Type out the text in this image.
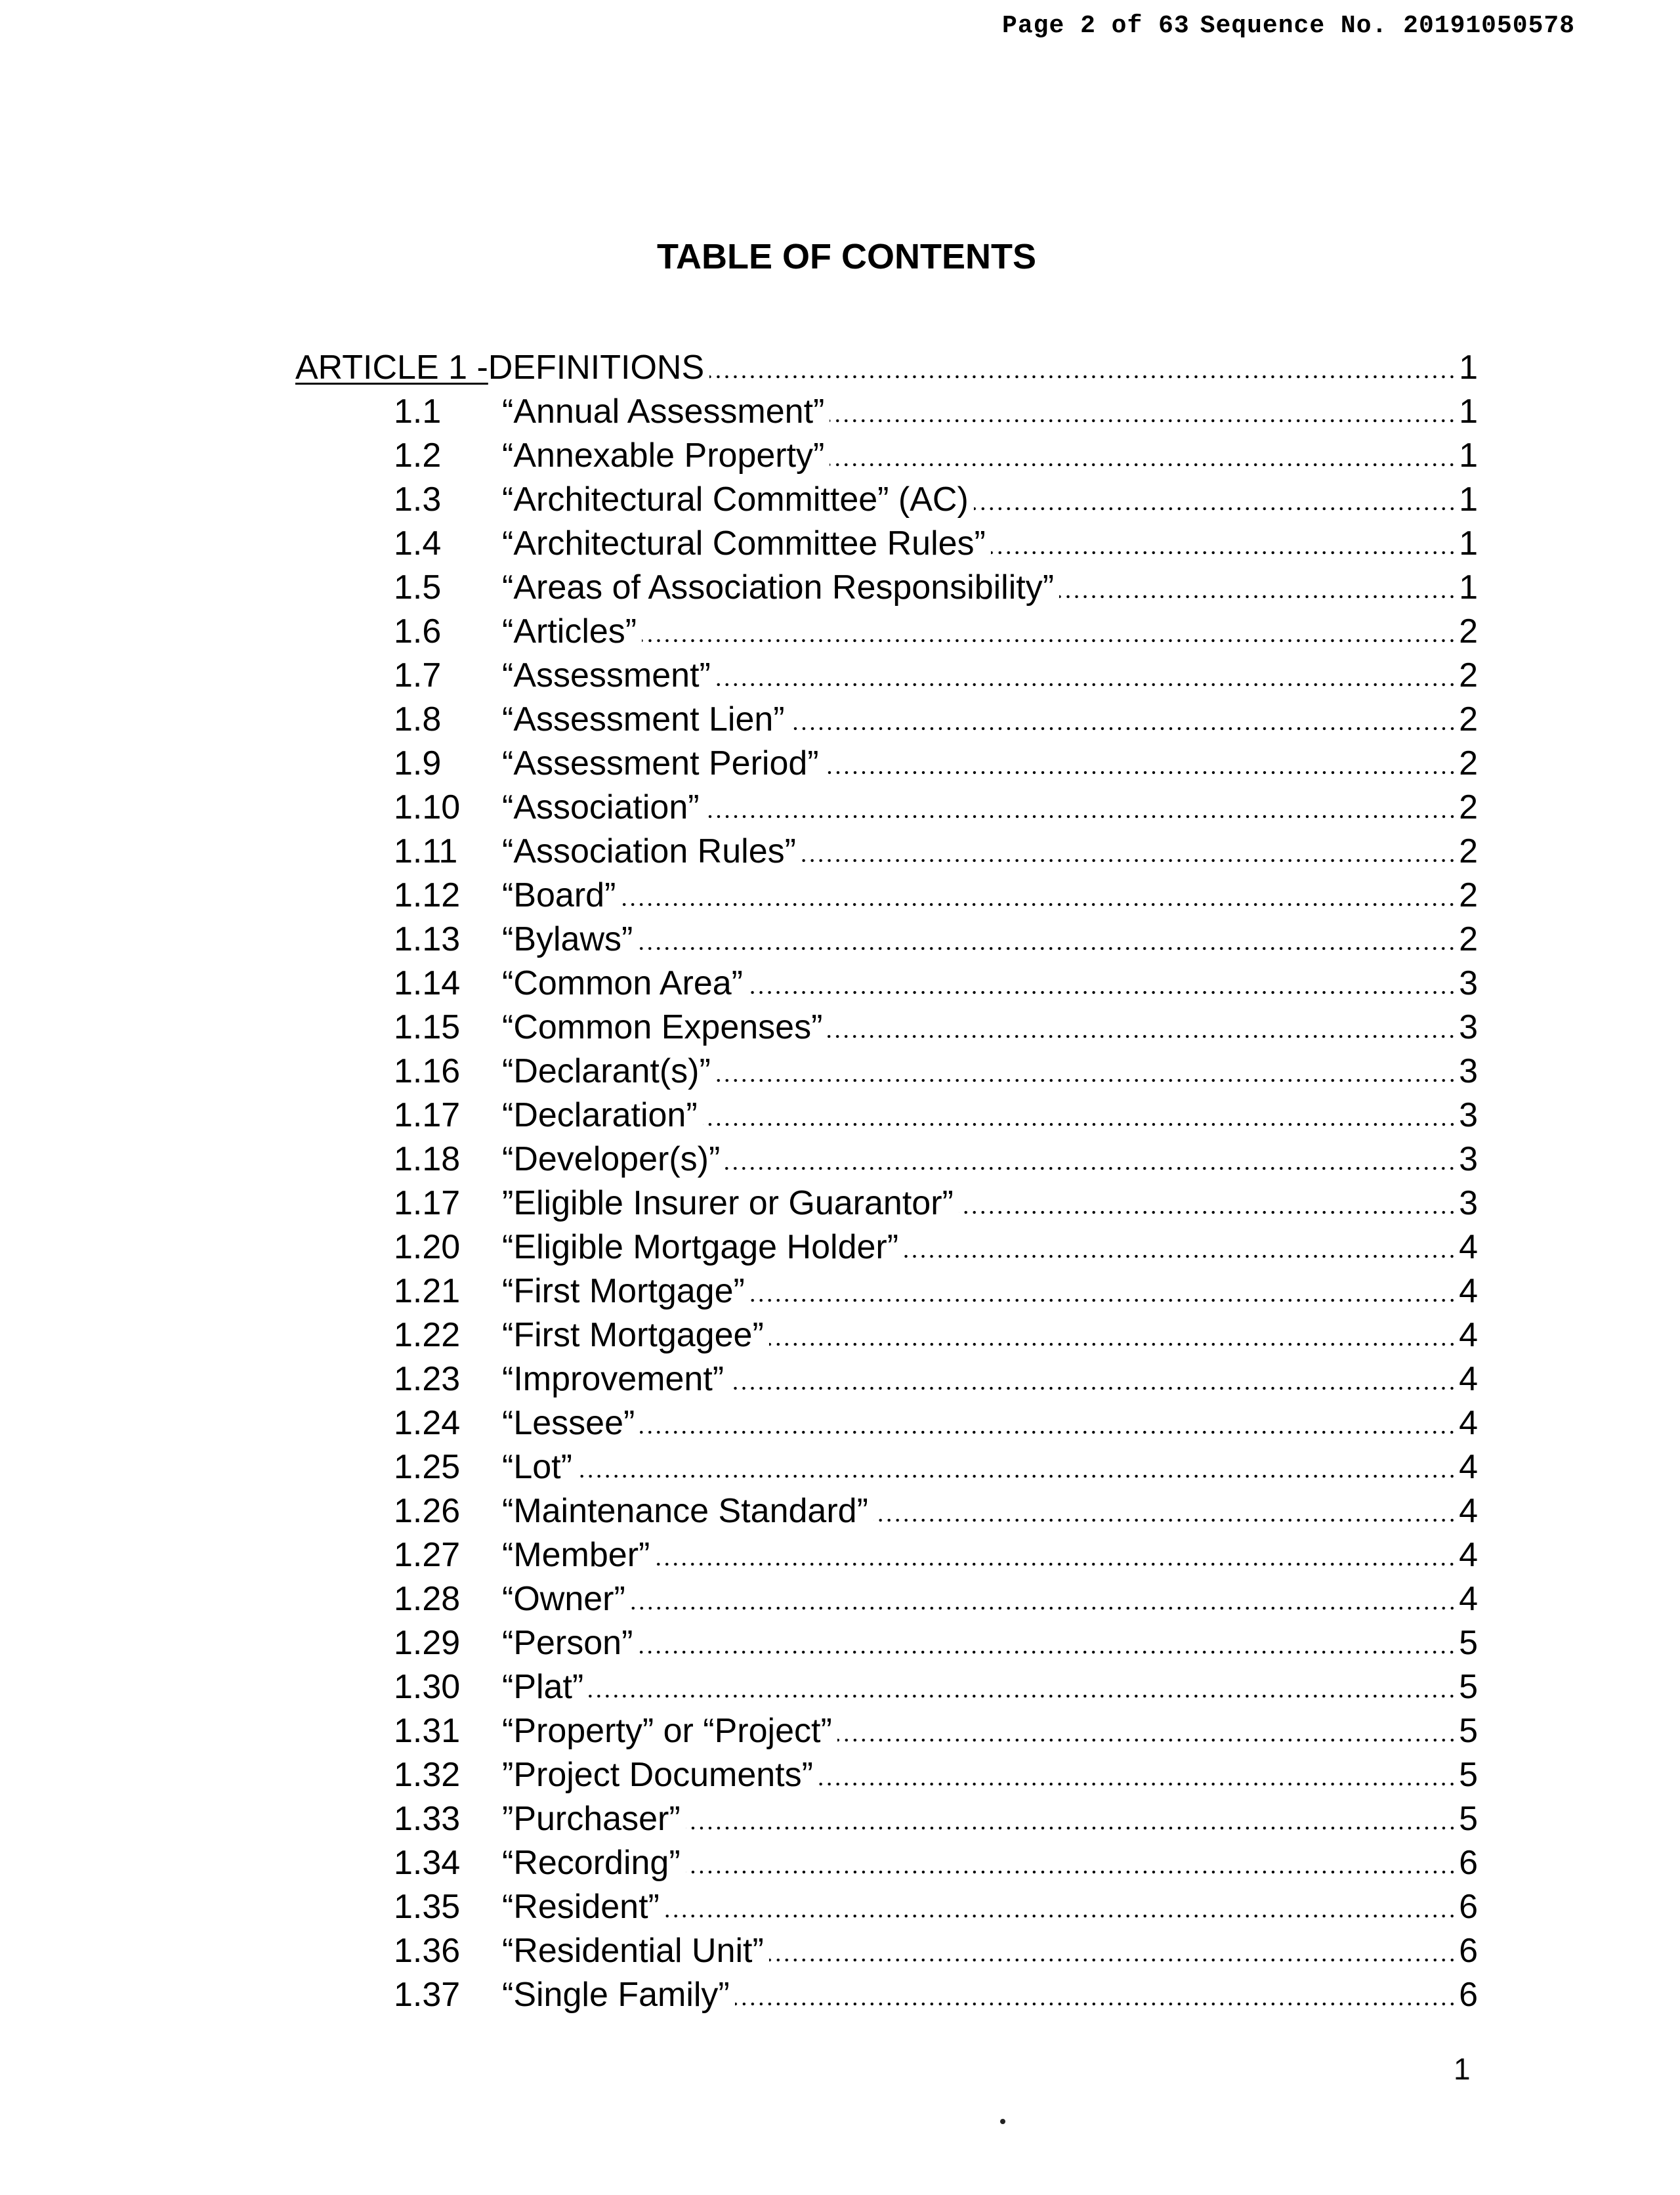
Page 2 of 63 Sequence No. 20191050578
TABLE OF CONTENTS
ARTICLE 1 - DEFINITIONS	1
1.1	“Annual Assessment”	1
1.2	“Annexable Property”	1
1.3	“Architectural Committee” (AC)	1
1.4	“Architectural Committee Rules”	1
1.5	“Areas of Association Responsibility”	1
1.6	“Articles”	2
1.7	“Assessment”	2
1.8	“Assessment Lien”	2
1.9	“Assessment Period”	2
1.10	“Association”	2
1.11	“Association Rules”	2
1.12	“Board”	2
1.13	“Bylaws”	2
1.14	“Common Area”	3
1.15	“Common Expenses”	3
1.16	“Declarant(s)”	3
1.17	“Declaration”	3
1.18	“Developer(s)”	3
1.17	”Eligible Insurer or Guarantor”	3
1.20	“Eligible Mortgage Holder”	4
1.21	“First Mortgage”	4
1.22	“First Mortgagee”	4
1.23	“Improvement”	4
1.24	“Lessee”	4
1.25	“Lot”	4
1.26	“Maintenance Standard”	4
1.27	“Member”	4
1.28	“Owner”	4
1.29	“Person”	5
1.30	“Plat”	5
1.31	“Property” or “Project”	5
1.32	”Project Documents”	5
1.33	”Purchaser”	5
1.34	“Recording”	6
1.35	“Resident”	6
1.36	“Residential Unit”	6
1.37	“Single Family”	6
1
